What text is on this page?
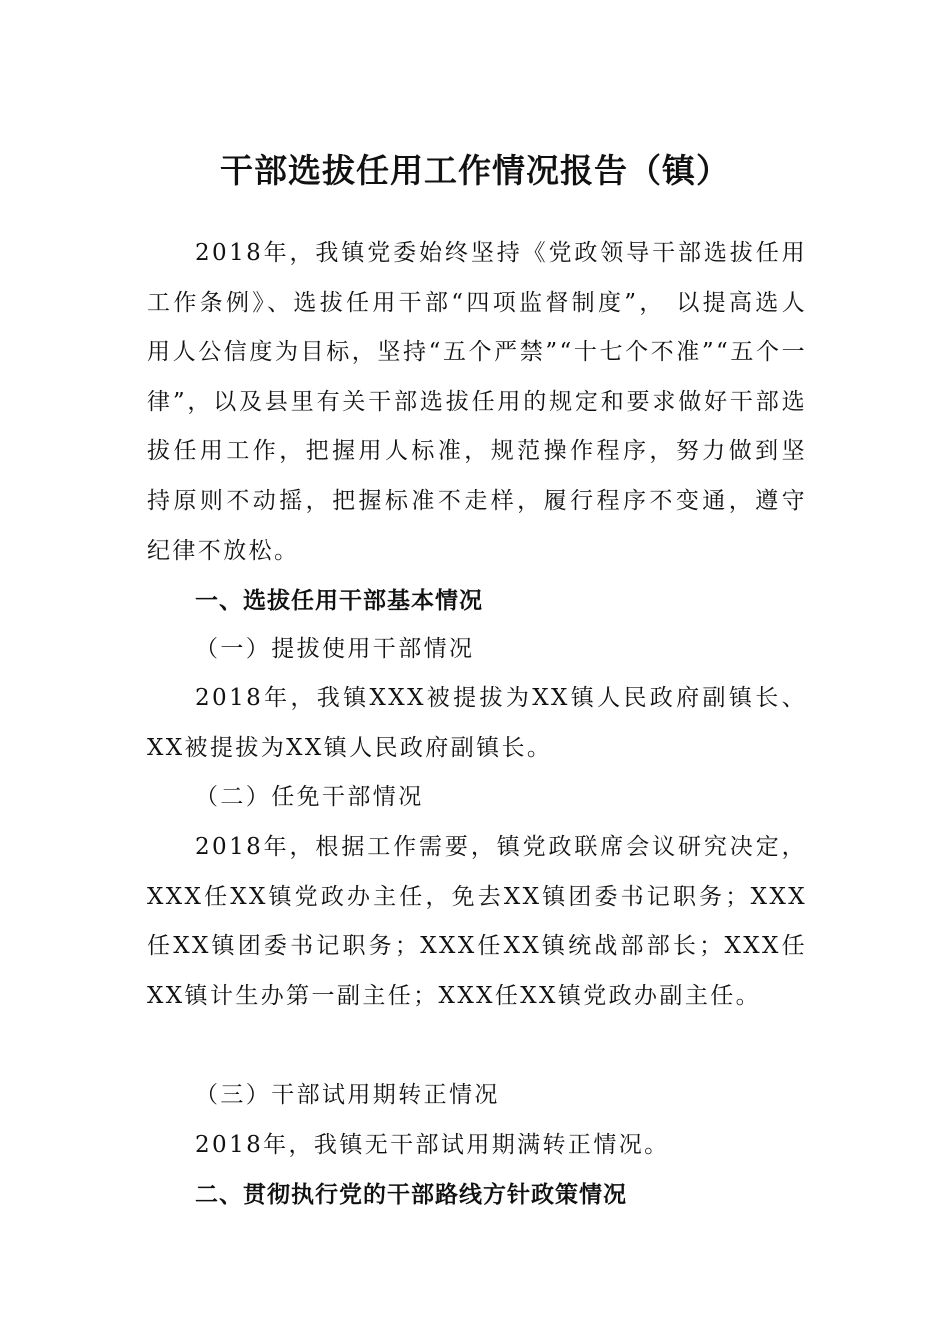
干部选拔任用工作情况报告（镇）

2018年，我镇党委始终坚持《党政领导干部选拔任用工作条例》、选拔任用干部“四项监督制度”， 以提高选人用人公信度为目标，坚持“五个严禁”“十七个不准”“五个一律”，以及县里有关干部选拔任用的规定和要求做好干部选拔任用工作，把握用人标准，规范操作程序，努力做到坚持原则不动摇，把握标准不走样，履行程序不变通，遵守纪律不放松。

一、选拔任用干部基本情况

（一）提拔使用干部情况

2018年，我镇XXX被提拔为XX镇人民政府副镇长、XX被提拔为XX镇人民政府副镇长。

（二）任免干部情况

2018年，根据工作需要，镇党政联席会议研究决定，XXX任XX镇党政办主任，免去XX镇团委书记职务；XXX任XX镇团委书记职务；XXX任XX镇统战部部长；XXX任XX镇计生办第一副主任；XXX任XX镇党政办副主任。

（三）干部试用期转正情况

2018年，我镇无干部试用期满转正情况。

二、贯彻执行党的干部路线方针政策情况
